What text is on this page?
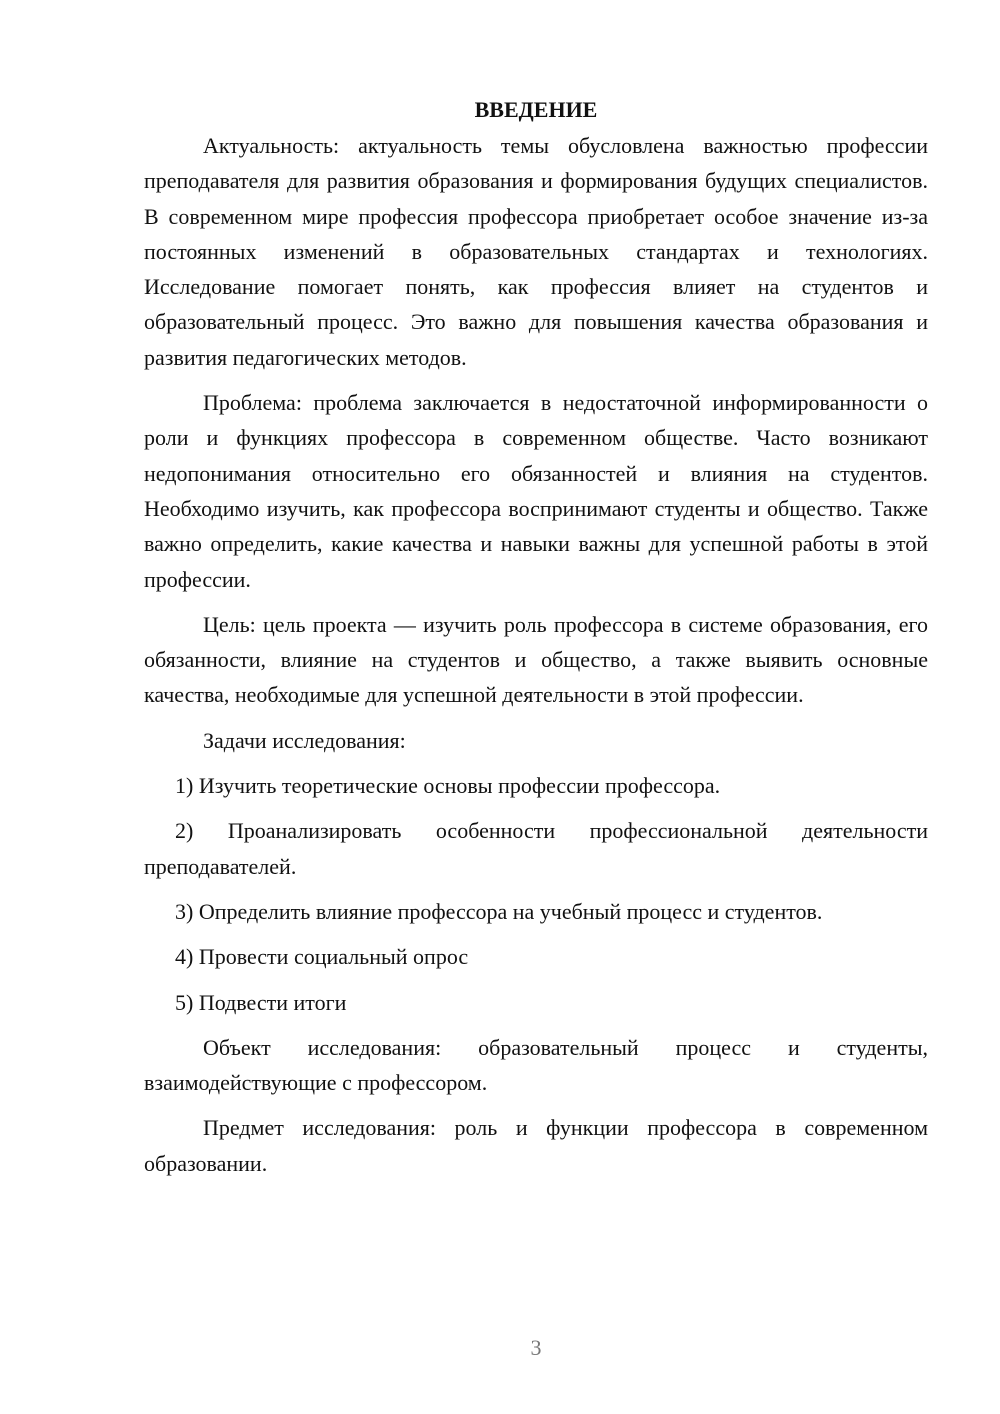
ВВЕДЕНИЕ

Актуальность: актуальность темы обусловлена важностью профессии преподавателя для развития образования и формирования будущих специалистов. В современном мире профессия профессора приобретает особое значение из-за постоянных изменений в образовательных стандартах и технологиях. Исследование помогает понять, как профессия влияет на студентов и образовательный процесс. Это важно для повышения качества образования и развития педагогических методов.

Проблема: проблема заключается в недостаточной информированности о роли и функциях профессора в современном обществе. Часто возникают недопонимания относительно его обязанностей и влияния на студентов. Необходимо изучить, как профессора воспринимают студенты и общество. Также важно определить, какие качества и навыки важны для успешной работы в этой профессии.

Цель: цель проекта — изучить роль профессора в системе образования, его обязанности, влияние на студентов и общество, а также выявить основные качества, необходимые для успешной деятельности в этой профессии.

Задачи исследования:

1) Изучить теоретические основы профессии профессора.

2) Проанализировать особенности профессиональной деятельности преподавателей.

3) Определить влияние профессора на учебный процесс и студентов.

4) Провести социальный опрос

5) Подвести итоги

Объект исследования: образовательный процесс и студенты, взаимодействующие с профессором.

Предмет исследования: роль и функции профессора в современном образовании.

3
